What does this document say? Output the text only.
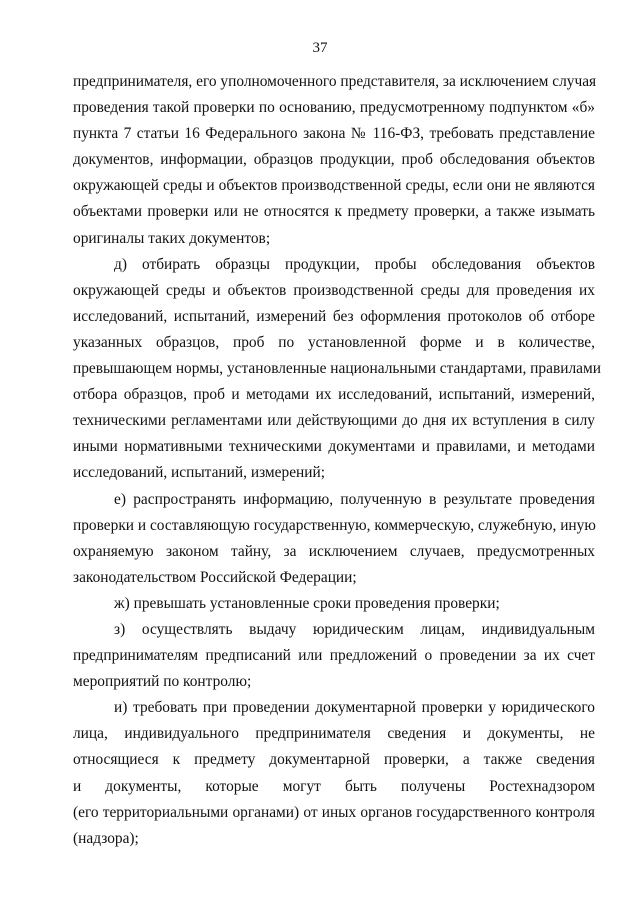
37
предпринимателя, его уполномоченного представителя, за исключением случая
проведения такой проверки по основанию, предусмотренному подпунктом «б»
пункта 7 статьи 16 Федерального закона № 116-ФЗ, требовать представление
документов, информации, образцов продукции, проб обследования объектов
окружающей среды и объектов производственной среды, если они не являются
объектами проверки или не относятся к предмету проверки, а также изымать
оригиналы таких документов;
д) отбирать образцы продукции, пробы обследования объектов
окружающей среды и объектов производственной среды для проведения их
исследований, испытаний, измерений без оформления протоколов об отборе
указанных образцов, проб по установленной форме и в количестве,
превышающем нормы, установленные национальными стандартами, правилами
отбора образцов, проб и методами их исследований, испытаний, измерений,
техническими регламентами или действующими до дня их вступления в силу
иными нормативными техническими документами и правилами, и методами
исследований, испытаний, измерений;
е) распространять информацию, полученную в результате проведения
проверки и составляющую государственную, коммерческую, служебную, иную
охраняемую законом тайну, за исключением случаев, предусмотренных
законодательством Российской Федерации;
ж) превышать установленные сроки проведения проверки;
з) осуществлять выдачу юридическим лицам, индивидуальным
предпринимателям предписаний или предложений о проведении за их счет
мероприятий по контролю;
и) требовать при проведении документарной проверки у юридического
лица, индивидуального предпринимателя сведения и документы, не
относящиеся к предмету документарной проверки, а также сведения
и документы, которые могут быть получены Ростехнадзором
(его территориальными органами) от иных органов государственного контроля
(надзора);
